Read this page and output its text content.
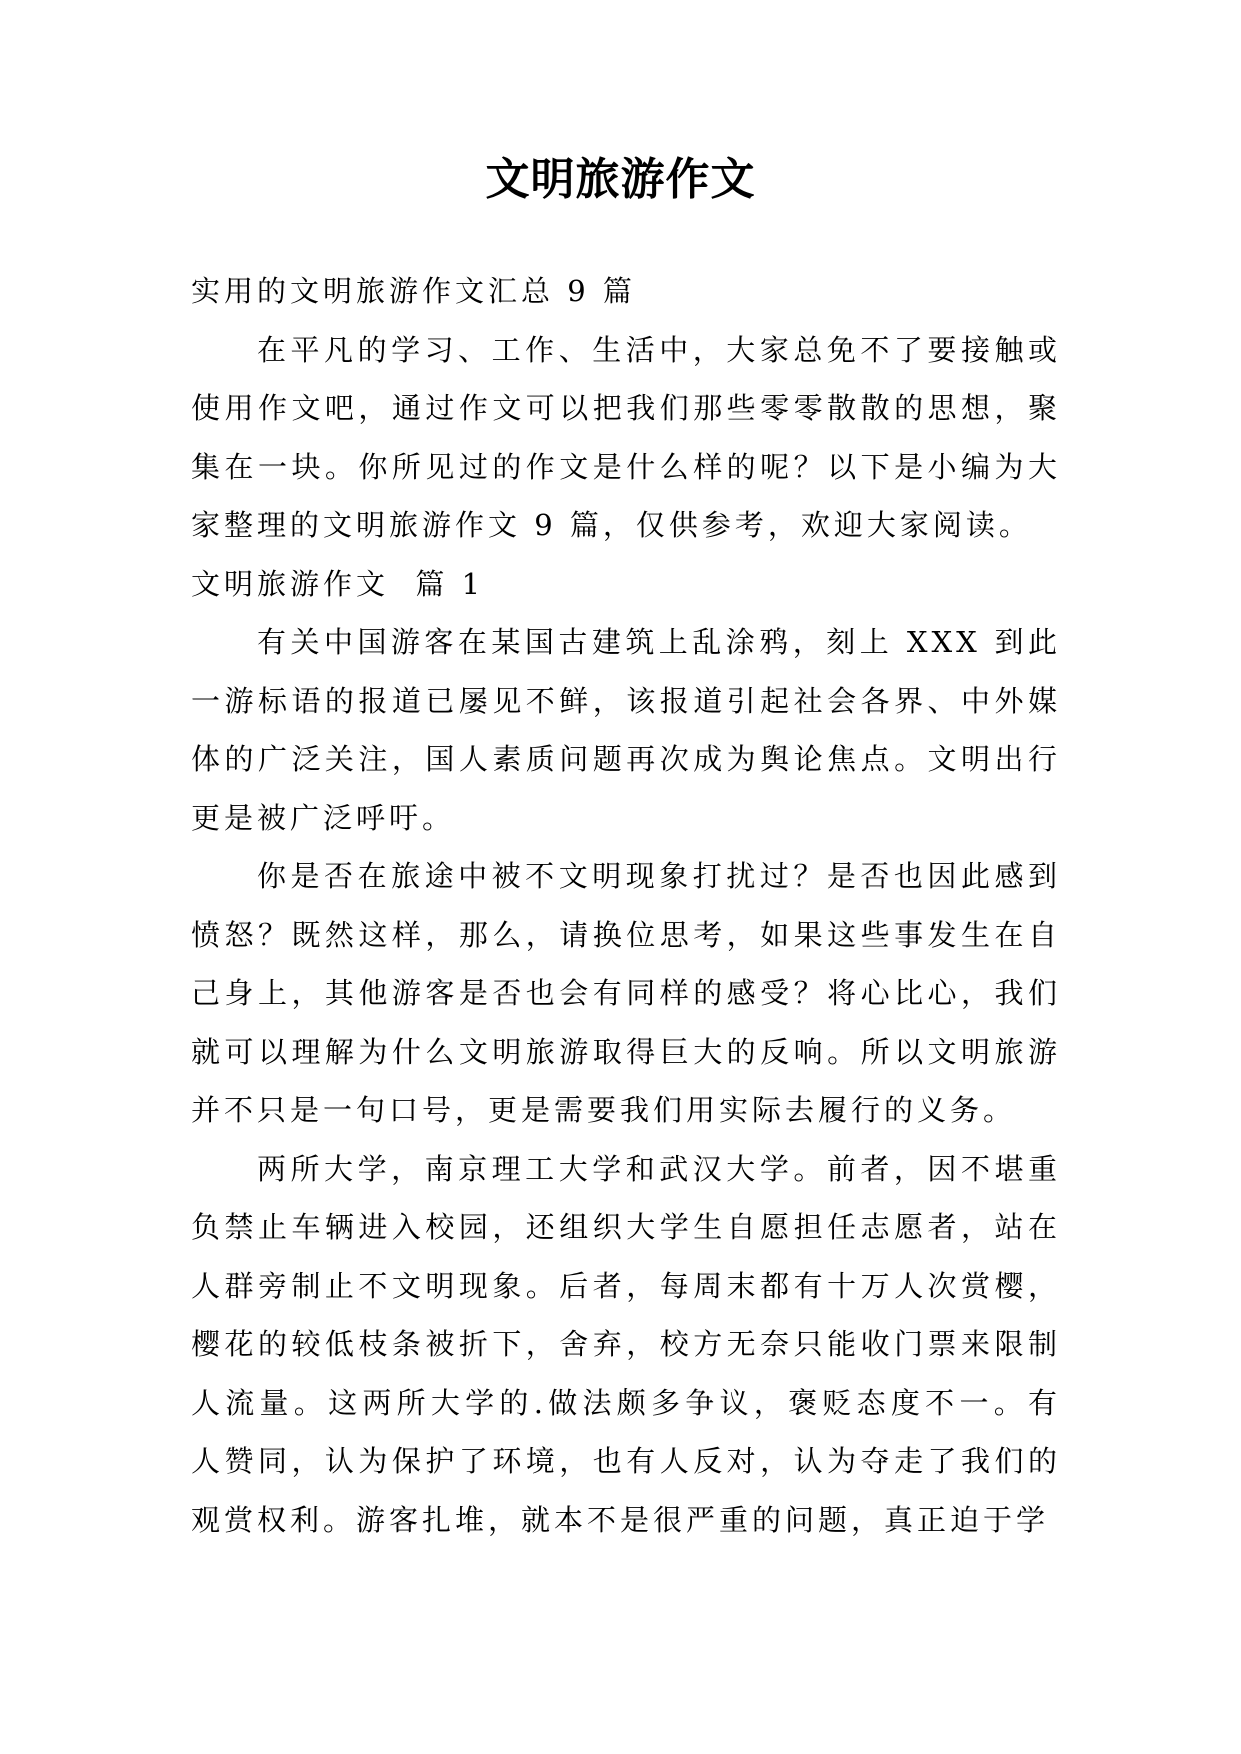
文明旅游作文

实用的文明旅游作文汇总 9 篇

在平凡的学习、工作、生活中，大家总免不了要接触或使用作文吧，通过作文可以把我们那些零零散散的思想，聚集在一块。你所见过的作文是什么样的呢？以下是小编为大家整理的文明旅游作文 9 篇，仅供参考，欢迎大家阅读。

文明旅游作文  篇 1

有关中国游客在某国古建筑上乱涂鸦，刻上 XXX 到此一游标语的报道已屡见不鲜，该报道引起社会各界、中外媒体的广泛关注，国人素质问题再次成为舆论焦点。文明出行更是被广泛呼吁。

你是否在旅途中被不文明现象打扰过？是否也因此感到愤怒？既然这样，那么，请换位思考，如果这些事发生在自己身上，其他游客是否也会有同样的感受？将心比心，我们就可以理解为什么文明旅游取得巨大的反响。所以文明旅游并不只是一句口号，更是需要我们用实际去履行的义务。

两所大学，南京理工大学和武汉大学。前者，因不堪重负禁止车辆进入校园，还组织大学生自愿担任志愿者，站在人群旁制止不文明现象。后者，每周末都有十万人次赏樱，樱花的较低枝条被折下，舍弃，校方无奈只能收门票来限制人流量。这两所大学的.做法颇多争议，褒贬态度不一。有人赞同，认为保护了环境，也有人反对，认为夺走了我们的观赏权利。游客扎堆，就本不是很严重的问题，真正迫于学
